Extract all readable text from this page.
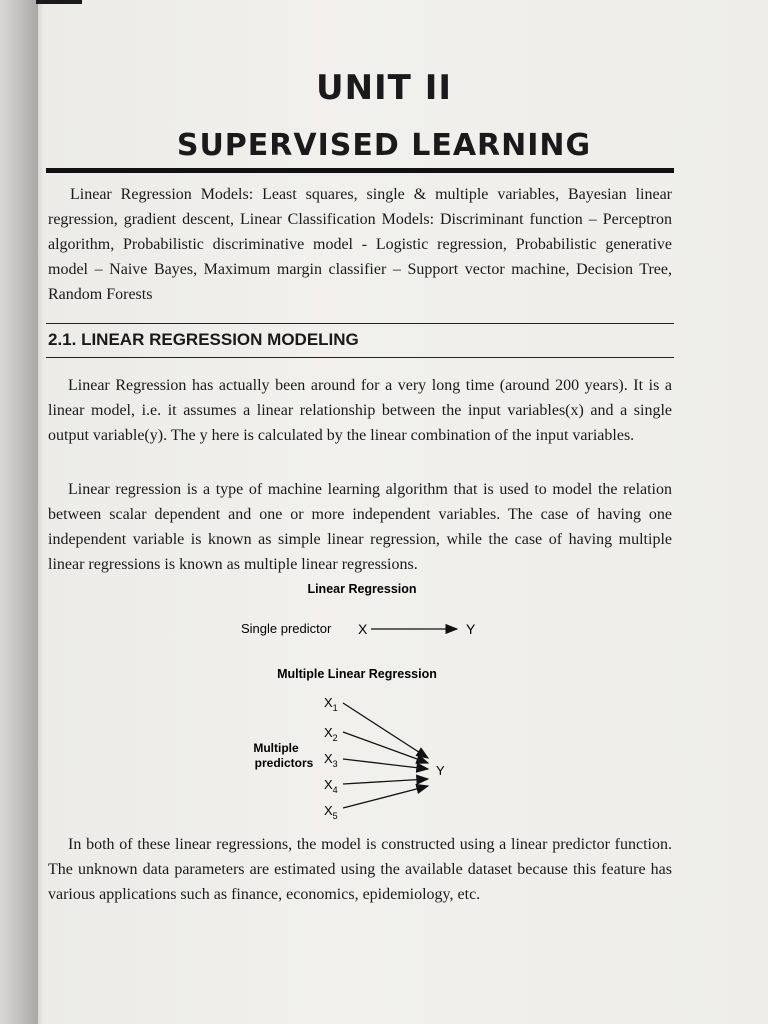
UNIT II
SUPERVISED LEARNING
Linear Regression Models: Least squares, single & multiple variables, Bayesian linear regression, gradient descent, Linear Classification Models: Discriminant function – Perceptron algorithm, Probabilistic discriminative model - Logistic regression, Probabilistic generative model – Naive Bayes, Maximum margin classifier – Support vector machine, Decision Tree, Random Forests
2.1. LINEAR REGRESSION MODELING
Linear Regression has actually been around for a very long time (around 200 years). It is a linear model, i.e. it assumes a linear relationship between the input variables(x) and a single output variable(y). The y here is calculated by the linear combination of the input variables.
Linear regression is a type of machine learning algorithm that is used to model the relation between scalar dependent and one or more independent variables. The case of having one independent variable is known as simple linear regression, while the case of having multiple linear regressions is known as multiple linear regressions.
Linear Regression
Single predictor X	Y
Multiple Linear Regression
Multiple
predictors
$X_1$
$X_2$
$X_3$
$X_4$
$X_5$
Y
In both of these linear regressions, the model is constructed using a linear predictor function. The unknown data parameters are estimated using the available dataset because this feature has various applications such as finance, economics, epidemiology, etc.
